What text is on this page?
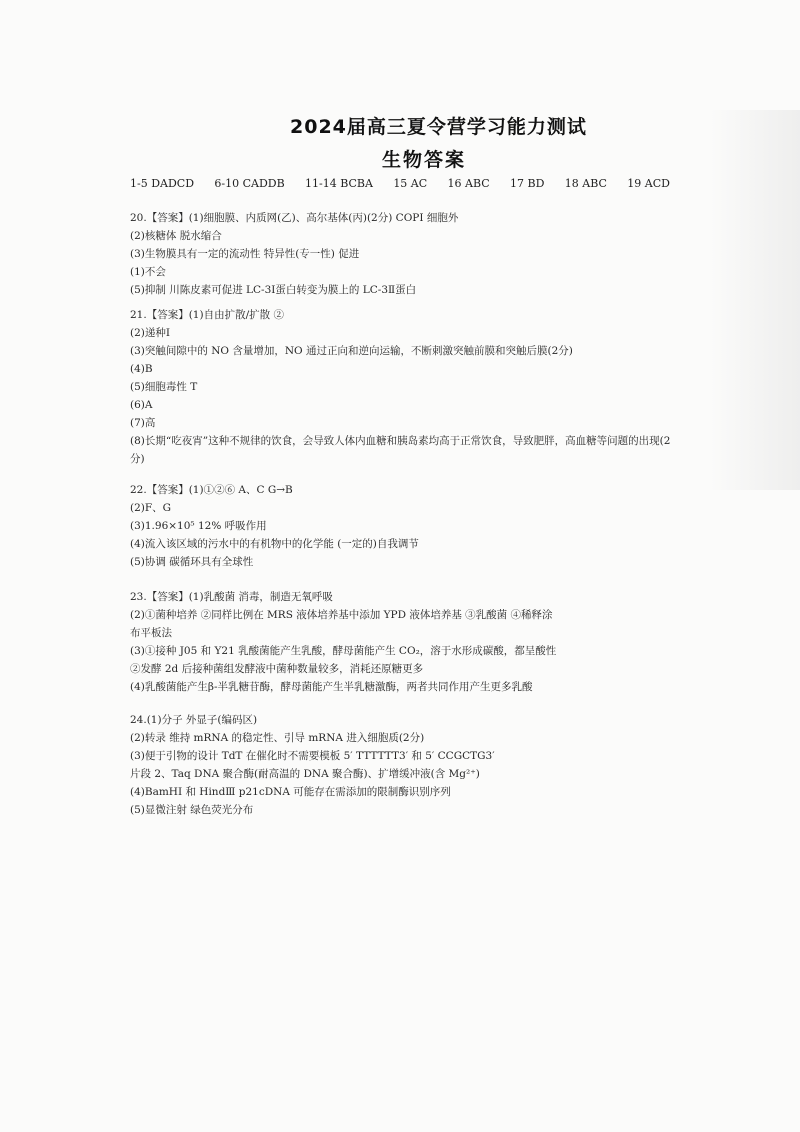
2024届高三夏令营学习能力测试
生物答案
1-5 DADCD 6-10 CADDB 11-14 BCBA 15 AC 16 ABC 17 BD 18 ABC 19 ACD
20.【答案】(1)细胞膜、内质网(乙)、高尔基体(丙)(2分) COPⅠ 细胞外
(2)核糖体 脱水缩合
(3)生物膜具有一定的流动性 特异性(专一性) 促进
(1)不会
(5)抑制 川陈皮素可促进 LC-3Ⅰ蛋白转变为膜上的 LC-3Ⅱ蛋白
21.【答案】(1)自由扩散/扩散 ②
(2)递种Ⅰ
(3)突触间隙中的 NO 含量增加，NO 通过正向和逆向运输，不断刺激突触前膜和突触后膜(2分)
(4)B
(5)细胞毒性 T
(6)A
(7)高
(8)长期“吃夜宵”这种不规律的饮食，会导致人体内血糖和胰岛素均高于正常饮食，导致肥胖，高血糖等问题的出现(2分)
22.【答案】(1)①②⑥ A、C G→B
(2)F、G
(3)1.96×10⁵ 12% 呼吸作用
(4)流入该区域的污水中的有机物中的化学能 (一定的)自我调节
(5)协调 碳循环具有全球性
23.【答案】(1)乳酸菌 消毒，制造无氧呼吸
(2)①菌种培养 ②同样比例在 MRS 液体培养基中添加 YPD 液体培养基 ③乳酸菌 ④稀释涂
布平板法
(3)①接种 J05 和 Y21 乳酸菌能产生乳酸，酵母菌能产生 CO₂，溶于水形成碳酸，都呈酸性
②发酵 2d 后接种菌组发酵液中菌种数量较多，消耗还原糖更多
(4)乳酸菌能产生β-半乳糖苷酶，酵母菌能产生半乳糖激酶，两者共同作用产生更多乳酸
24.(1)分子 外显子(编码区)
(2)转录 维持 mRNA 的稳定性、引导 mRNA 进入细胞质(2分)
(3)便于引物的设计 TdT 在催化时不需要模板 5′ TTTTTT3′ 和 5′ CCGCTG3′
片段 2、Taq DNA 聚合酶(耐高温的 DNA 聚合酶)、扩增缓冲液(含 Mg²⁺)
(4)BamHⅠ 和 HindⅢ p21cDNA 可能存在需添加的限制酶识别序列
(5)显微注射 绿色荧光分布
